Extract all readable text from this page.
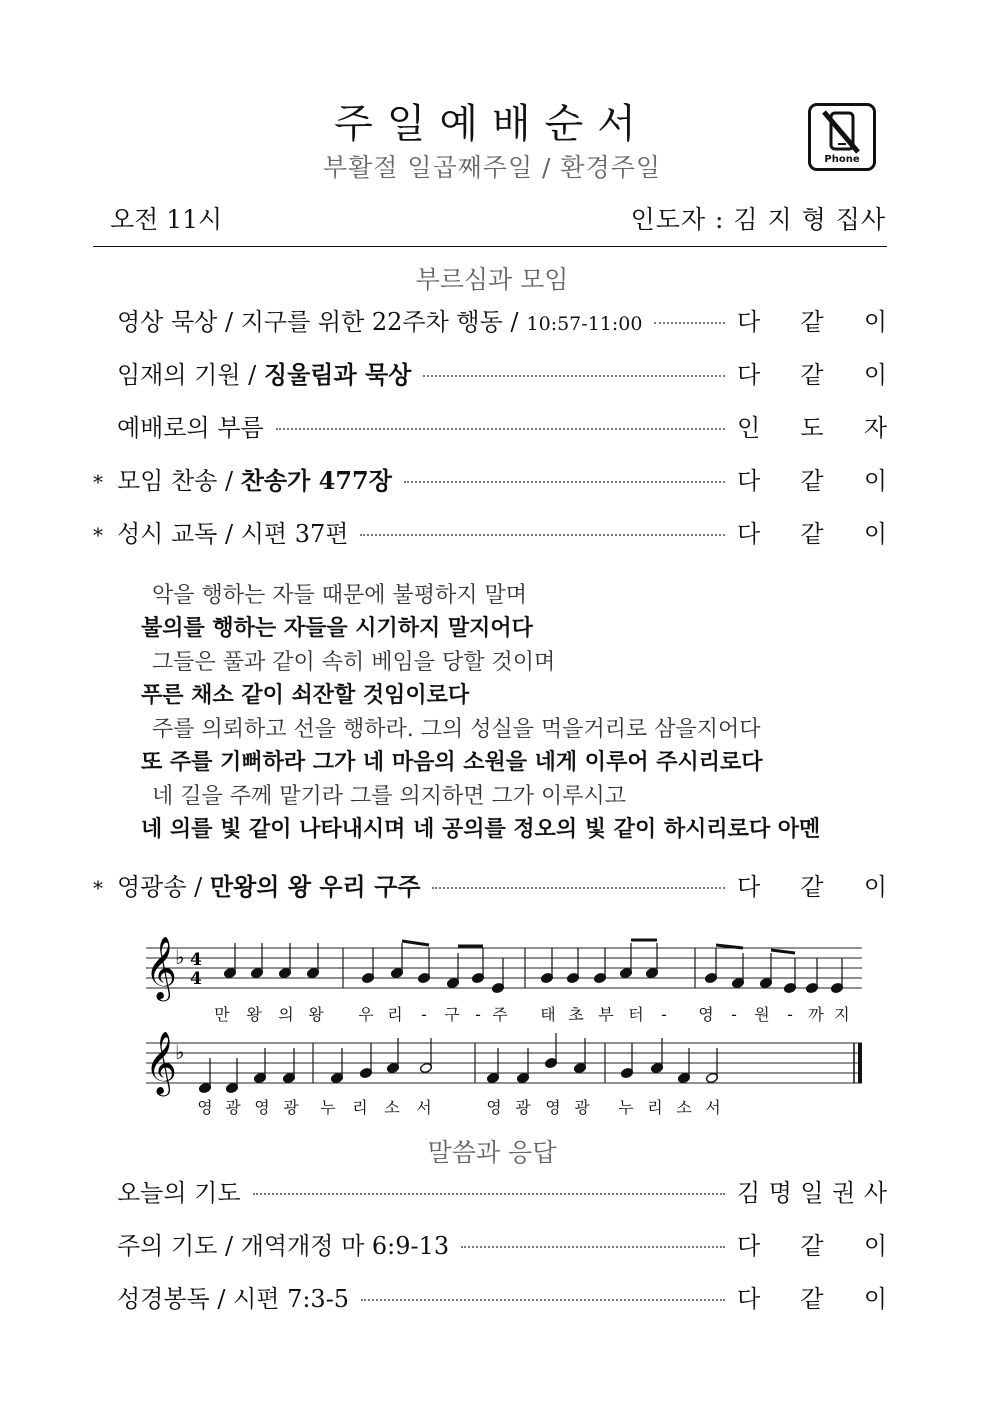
주일예배순서
부활절 일곱째주일 / 환경주일	Phone
오전 11시	인도자 : 김 지 형 집사
부르심과 모임
𝄞
♭ 4
4
만 왕 의 왕 우 리 - 구 - 주 태 초 부 터 - 영 - 원 - 까 지
𝄞
♭
영 광 영 광 누 리 소 서	영 광 영 광 누 리 소 서
말씀과 응답
영상 묵상 / 지구를 위한 22주차 행동 / 10:57-11:00	다 같 이
임재의 기원 / 징울림과 묵상	다 같 이
예배로의 부름	인 도 자
* 모임 찬송 / 찬송가 477장	다 같 이
* 성시 교독 / 시편 37편	다 같 이
* 영광송 / 만왕의 왕 우리 구주	다 같 이
오늘의 기도	김 명 일 권 사
주의 기도 / 개역개정 마 6:9-13	다 같 이
성경봉독 / 시편 7:3-5	다 같 이
악을 행하는 자들 때문에 불평하지 말며
불의를 행하는 자들을 시기하지 말지어다
그들은 풀과 같이 속히 베임을 당할 것이며
푸른 채소 같이 쇠잔할 것임이로다
주를 의뢰하고 선을 행하라. 그의 성실을 먹을거리로 삼을지어다
또 주를 기뻐하라 그가 네 마음의 소원을 네게 이루어 주시리로다
네 길을 주께 맡기라 그를 의지하면 그가 이루시고
네 의를 빛 같이 나타내시며 네 공의를 정오의 빛 같이 하시리로다 아멘
